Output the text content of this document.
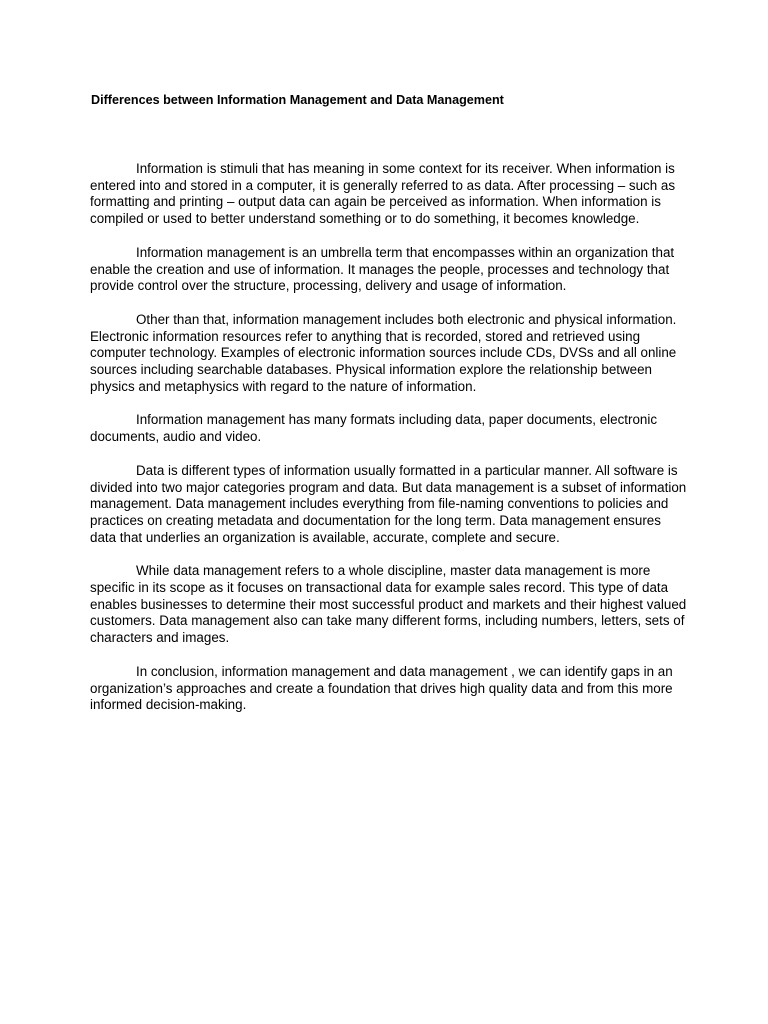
Differences between Information Management and Data Management

Information is stimuli that has meaning in some context for its receiver. When information is entered into and stored in a computer, it is generally referred to as data. After processing – such as formatting and printing – output data can again be perceived as information. When information is compiled or used to better understand something or to do something, it becomes knowledge.

Information management is an umbrella term that encompasses within an organization that enable the creation and use of information. It manages the people, processes and technology that provide control over the structure, processing, delivery and usage of information.

Other than that, information management includes both electronic and physical information. Electronic information resources refer to anything that is recorded, stored and retrieved using computer technology. Examples of electronic information sources include CDs, DVSs and all online sources including searchable databases. Physical information explore the relationship between physics and metaphysics with regard to the nature of information.

Information management has many formats including data, paper documents, electronic documents, audio and video.

Data is different types of information usually formatted in a particular manner. All software is divided into two major categories program and data. But data management is a subset of information management. Data management includes everything from file-naming conventions to policies and practices on creating metadata and documentation for the long term. Data management ensures data that underlies an organization is available, accurate, complete and secure.

While data management refers to a whole discipline, master data management is more specific in its scope as it focuses on transactional data for example sales record. This type of data enables businesses to determine their most successful product and markets and their highest valued customers. Data management also can take many different forms, including numbers, letters, sets of characters and images.

In conclusion, information management and data management , we can identify gaps in an organization’s approaches and create a foundation that drives high quality data and from this more informed decision-making.
